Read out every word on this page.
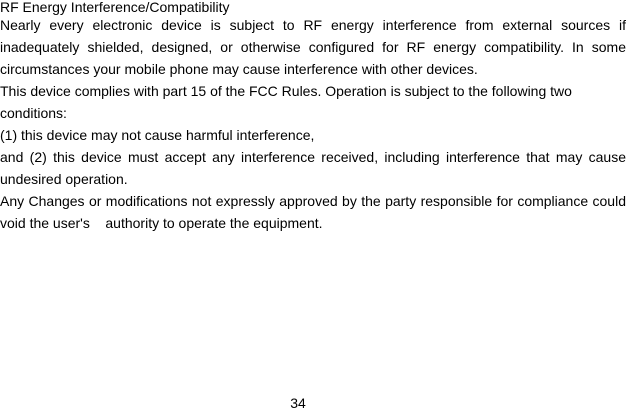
RF Energy Interference/Compatibility

Nearly every electronic device is subject to RF energy interference from external sources if inadequately shielded, designed, or otherwise configured for RF energy compatibility. In some circumstances your mobile phone may cause interference with other devices.

This device complies with part 15 of the FCC Rules. Operation is subject to the following two conditions:

(1) this device may not cause harmful interference,

and (2) this device must accept any interference received, including interference that may cause undesired operation.

Any Changes or modifications not expressly approved by the party responsible for compliance could void the user's    authority to operate the equipment.

34
